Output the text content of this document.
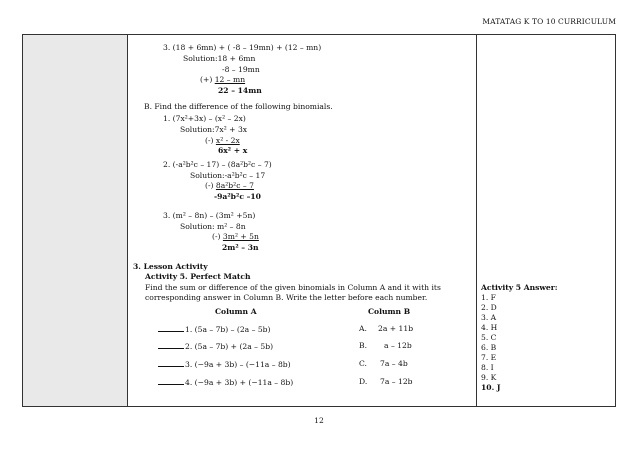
MATATAG K TO 10 CURRICULUM
3. (18 + 6mn) + ( -8 – 19mn) + (12 – mn)
Solution:18 + 6mn
-8 – 19mn
(+) 12 – mn
22 – 14mn
B. Find the difference of the following binomials.
1. (7x²+3x) – (x² – 2x)
Solution:7x² + 3x
(-) x² - 2x
6x² + x
2. (-a²b²c – 17) – (8a²b²c – 7)
Solution:-a²b²c – 17
(-) 8a²b²c – 7
-9a²b²c –10
3. (m² – 8n) – (3m² +5n)
Solution: m² – 8n
(-) 3m² + 5n
2m² – 3n
3. Lesson Activity
Activity 5. Perfect Match
Find the sum or difference of the given binomials in Column A and it with its
corresponding answer in Column B. Write the letter before each number.
Column A	Column B
1. (5a – 7b) – (2a – 5b)	A. 2a + 11b
2. (5a – 7b) + (2a – 5b)	B. a – 12b
3. (−9a + 3b) – (−11a – 8b)	C. 7a – 4b
4. (−9a + 3b) + (−11a – 8b)	D. 7a – 12b
Activity 5 Answer:
1. F
2. D
3. A
4. H
5. C
6. B
7. E
8. I
9. K
10. J
12
